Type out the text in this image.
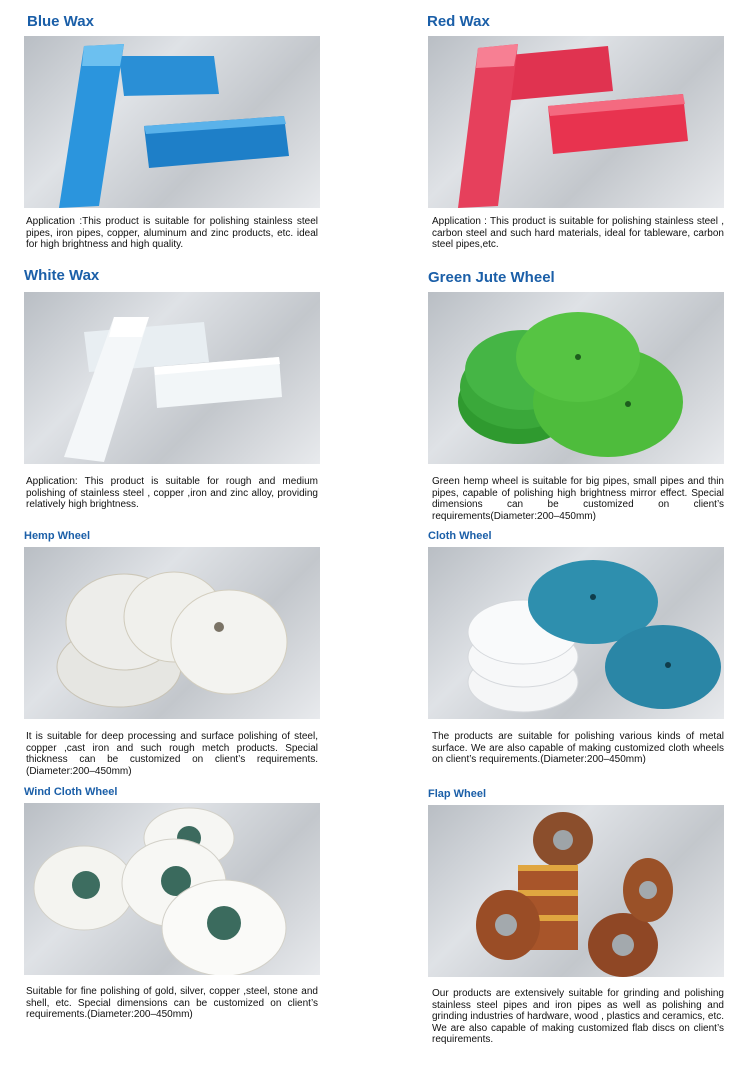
Blue Wax
Application :This product is suitable for polishing stainless steel pipes, iron pipes, copper, aluminum and zinc products, etc. ideal for high brightness and high quality.
Red Wax
Application : This product is suitable for polishing stainless steel , carbon steel and such hard materials, ideal for tableware, carbon steel pipes,etc.
White Wax
Application: This product is suitable for rough and medium polishing of stainless steel , copper ,iron and zinc alloy, providing relatively high brightness.
Green Jute Wheel
Green hemp wheel is suitable for big pipes, small pipes and thin pipes, capable of polishing high brightness mirror effect. Special dimensions can be customized on client’s requirements(Diameter:200–450mm)
Hemp Wheel
It is suitable for deep processing and surface polishing of steel, copper ,cast iron and such rough metch products. Special thickness can be customized on client’s requirements. (Diameter:200–450mm)
Cloth Wheel
The products are suitable for polishing various kinds of metal surface. We are also capable of making customized cloth wheels on client’s requirements.(Diameter:200–450mm)
Wind Cloth Wheel
Suitable for fine polishing of gold, silver, copper ,steel, stone and shell, etc. Special dimensions can be customized on client’s requirements.(Diameter:200–450mm)
Flap Wheel
Our products are extensively suitable for grinding and polishing stainless steel pipes and iron pipes as well as polishing and grinding industries of hardware, wood , plastics and ceramics, etc. We are also capable of making customized flab discs on client’s requirements.
